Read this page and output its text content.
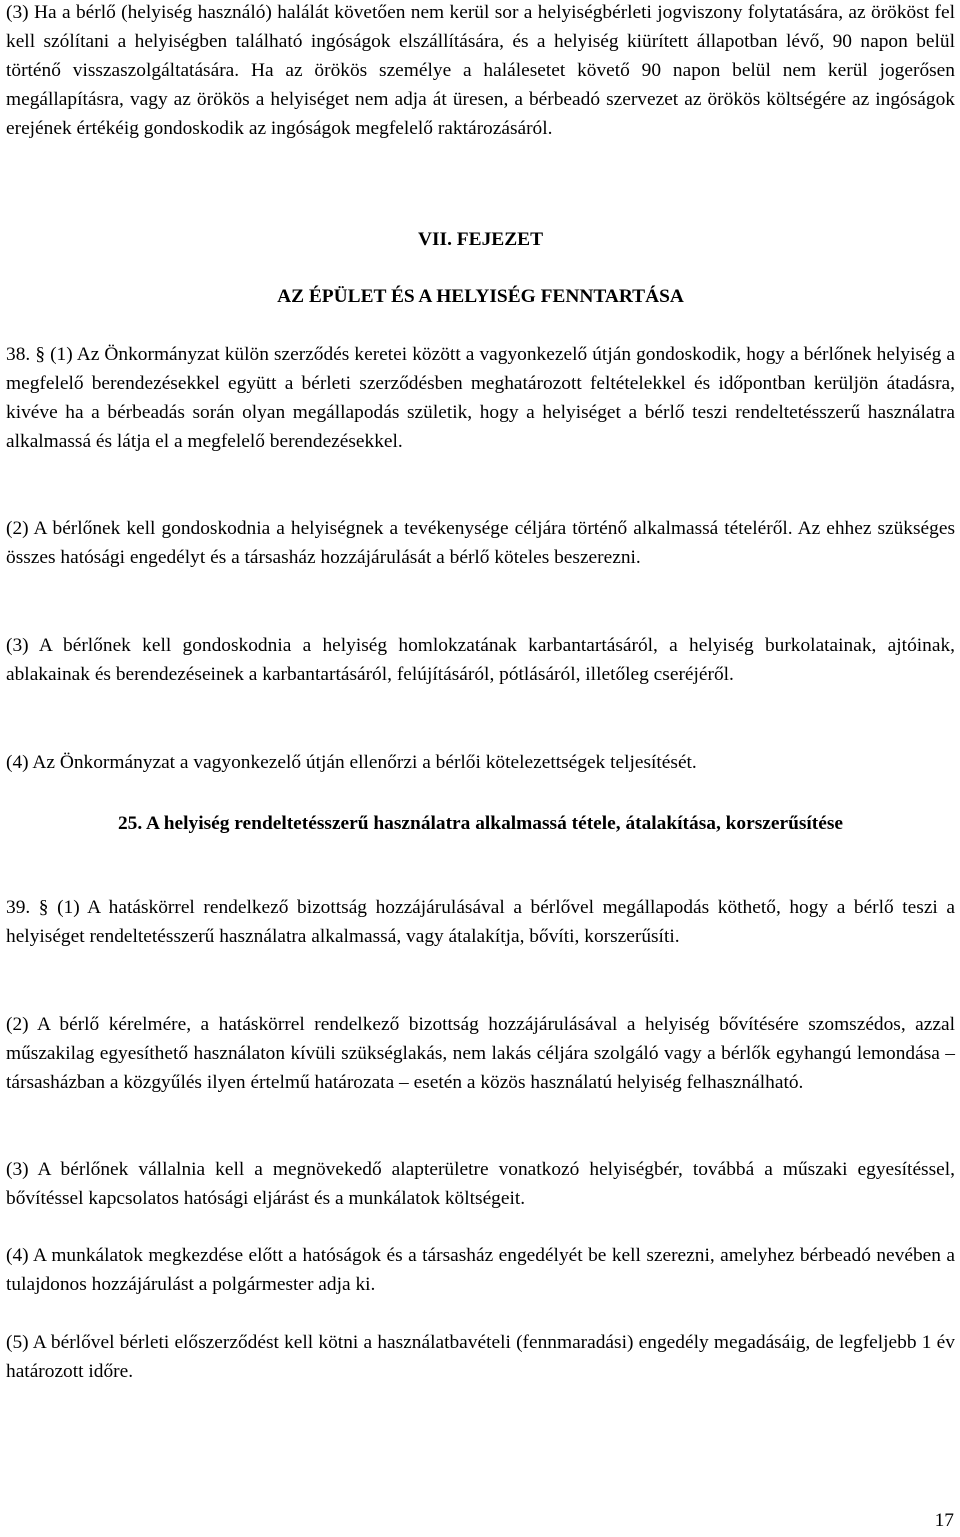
(3) Ha a bérlő (helyiség használó) halálát követően nem kerül sor a helyiségbérleti jogviszony folytatására, az örököst fel kell szólítani a helyiségben található ingóságok elszállítására, és a helyiség kiürített állapotban lévő, 90 napon belül történő visszaszolgáltatására. Ha az örökös személye a halálesetet követő 90 napon belül nem kerül jogerősen megállapításra, vagy az örökös a helyiséget nem adja át üresen, a bérbeadó szervezet az örökös költségére az ingóságok erejének értékéig gondoskodik az ingóságok megfelelő raktározásáról.

VII. FEJEZET

AZ ÉPÜLET ÉS A HELYISÉG FENNTARTÁSA

38. § (1) Az Önkormányzat külön szerződés keretei között a vagyonkezelő útján gondoskodik, hogy a bérlőnek helyiség a megfelelő berendezésekkel együtt a bérleti szerződésben meghatározott feltételekkel és időpontban kerüljön átadásra, kivéve ha a bérbeadás során olyan megállapodás születik, hogy a helyiséget a bérlő teszi rendeltetésszerű használatra alkalmassá és látja el a megfelelő berendezésekkel.

(2) A bérlőnek kell gondoskodnia a helyiségnek a tevékenysége céljára történő alkalmassá tételéről. Az ehhez szükséges összes hatósági engedélyt és a társasház hozzájárulását a bérlő köteles beszerezni.

(3) A bérlőnek kell gondoskodnia a helyiség homlokzatának karbantartásáról, a helyiség burkolatainak, ajtóinak, ablakainak és berendezéseinek a karbantartásáról, felújításáról, pótlásáról, illetőleg cseréjéről.

(4) Az Önkormányzat a vagyonkezelő útján ellenőrzi a bérlői kötelezettségek teljesítését.

25. A helyiség rendeltetésszerű használatra alkalmassá tétele, átalakítása, korszerűsítése

39. § (1) A hatáskörrel rendelkező bizottság hozzájárulásával a bérlővel megállapodás köthető, hogy a bérlő teszi a helyiséget rendeltetésszerű használatra alkalmassá, vagy átalakítja, bővíti, korszerűsíti.

(2) A bérlő kérelmére, a hatáskörrel rendelkező bizottság hozzájárulásával a helyiség bővítésére szomszédos, azzal műszakilag egyesíthető használaton kívüli szükséglakás, nem lakás céljára szolgáló vagy a bérlők egyhangú lemondása – társasházban a közgyűlés ilyen értelmű határozata – esetén a közös használatú helyiség felhasználható.

(3) A bérlőnek vállalnia kell a megnövekedő alapterületre vonatkozó helyiségbér, továbbá a műszaki egyesítéssel, bővítéssel kapcsolatos hatósági eljárást és a munkálatok költségeit.

(4) A munkálatok megkezdése előtt a hatóságok és a társasház engedélyét be kell szerezni, amelyhez bérbeadó nevében a tulajdonos hozzájárulást a polgármester adja ki.

(5) A bérlővel bérleti előszerződést kell kötni a használatbavételi (fennmaradási) engedély megadásáig, de legfeljebb 1 év határozott időre.

17
